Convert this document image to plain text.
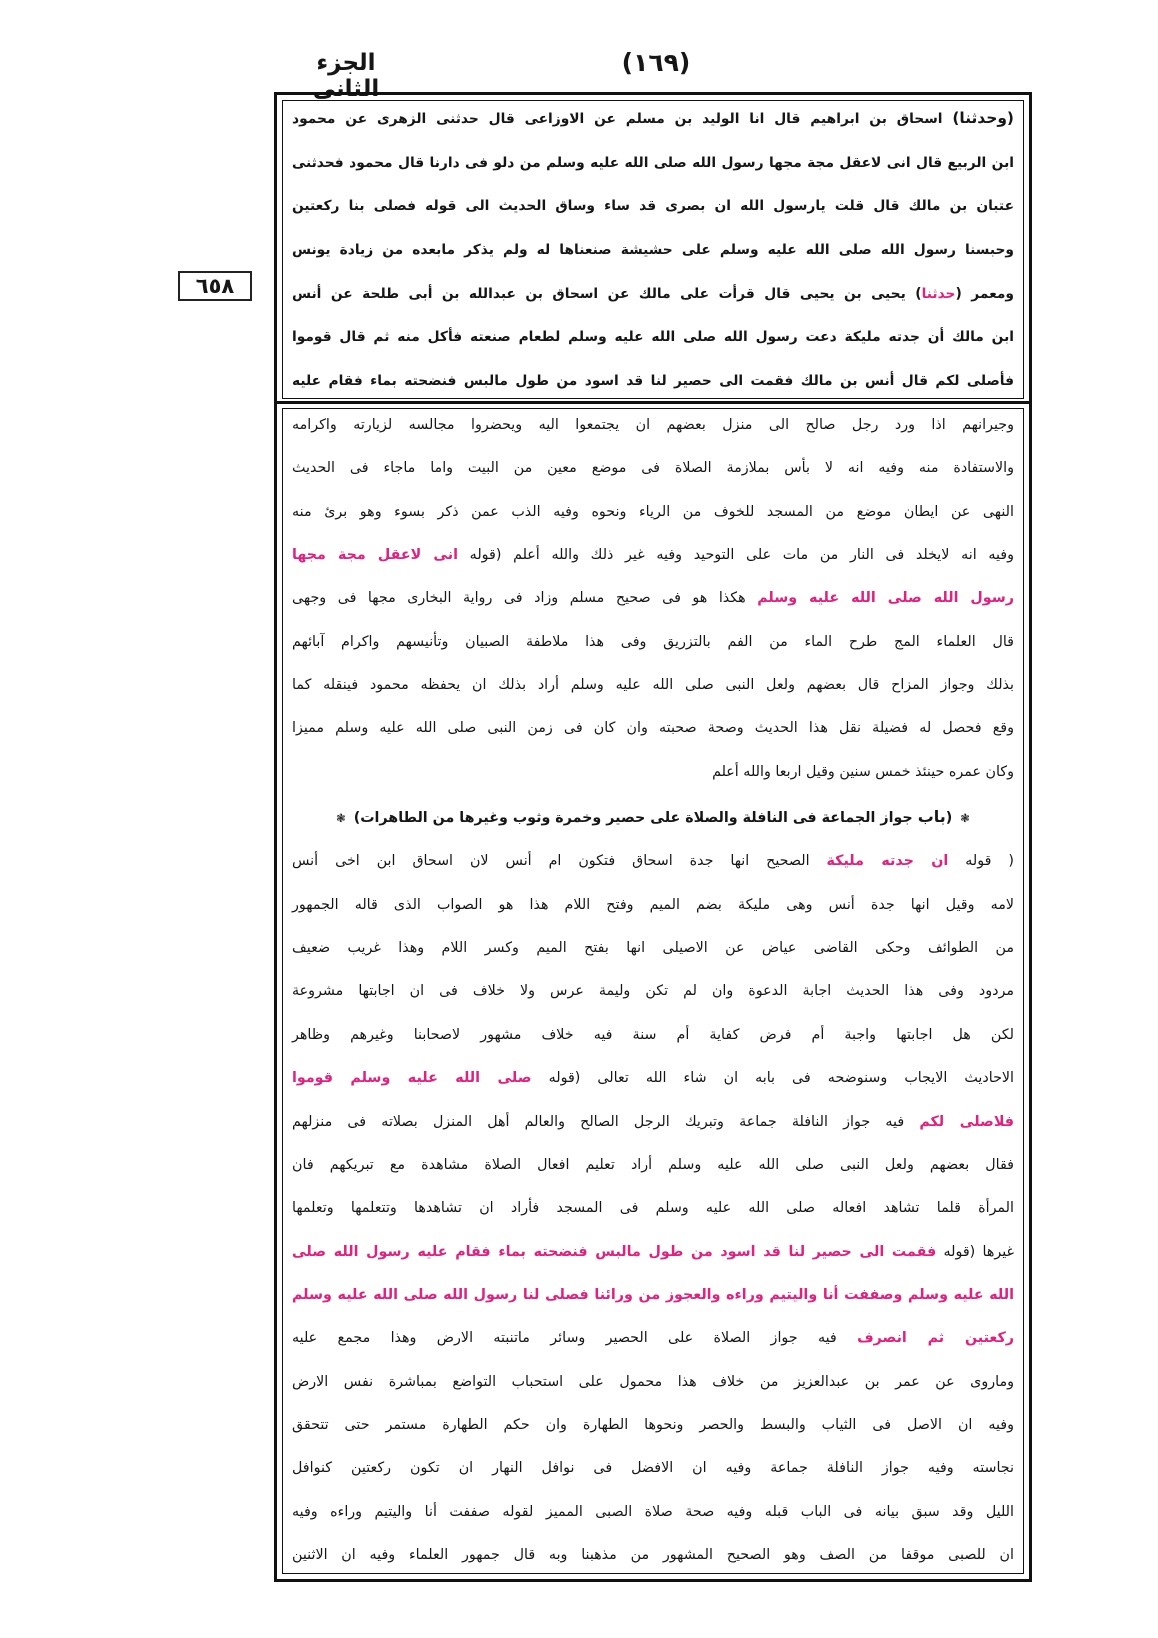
الجزء الثانى
(١٦٩)
٦٥٨
(وحدثنا) اسحاق بن ابراهيم قال انا الوليد بن مسلم عن الاوزاعى قال حدثنى الزهرى عن محمود
ابن الربيع قال انى لاعقل مجة مجها رسول الله صلى الله عليه وسلم من دلو فى دارنا قال محمود فحدثنى
عتبان بن مالك قال قلت يارسول الله ان بصرى قد ساء وساق الحديث الى قوله فصلى بنا ركعتين
وحبسنا رسول الله صلى الله عليه وسلم على حشيشة صنعناها له ولم يذكر مابعده من زيادة يونس
ومعمر (حدثنا) يحيى بن يحيى قال قرأت على مالك عن اسحاق بن عبدالله بن أبى طلحة عن أنس
ابن مالك أن جدته مليكة دعت رسول الله صلى الله عليه وسلم لطعام صنعته فأكل منه ثم قال قوموا
فأصلى لكم قال أنس بن مالك فقمت الى حصير لنا قد اسود من طول مالبس فنضحته بماء فقام عليه
وجيرانهم اذا ورد رجل صالح الى منزل بعضهم ان يجتمعوا اليه ويحضروا مجالسه لزيارته واكرامه
والاستفادة منه وفيه انه لا بأس بملازمة الصلاة فى موضع معين من البيت واما ماجاء فى الحديث
النهى عن ايطان موضع من المسجد للخوف من الرياء ونحوه وفيه الذب عمن ذكر بسوء وهو برئ منه
وفيه انه لايخلد فى النار من مات على التوحيد وفيه غير ذلك والله أعلم (قوله انى لاعقل مجة مجها
رسول الله صلى الله عليه وسلم هكذا هو فى صحيح مسلم وزاد فى رواية البخارى مجها فى وجهى
قال العلماء المج طرح الماء من الفم بالتزريق وفى هذا ملاطفة الصبيان وتأنيسهم واكرام آبائهم
بذلك وجواز المزاح قال بعضهم ولعل النبى صلى الله عليه وسلم أراد بذلك ان يحفظه محمود فينقله كما
وقع فحصل له فضيلة نقل هذا الحديث وصحة صحبته وان كان فى زمن النبى صلى الله عليه وسلم مميزا
وكان عمره حينئذ خمس سنين وقيل اربعا والله أعلم
❃(باب جواز الجماعة فى النافلة والصلاة على حصير وخمرة وثوب وغيرها من الطاهرات)❃
( قوله ان جدته مليكة الصحيح انها جدة اسحاق فتكون ام أنس لان اسحاق ابن اخى أنس
لامه وقيل انها جدة أنس وهى مليكة بضم الميم وفتح اللام هذا هو الصواب الذى قاله الجمهور
من الطوائف وحكى القاضى عياض عن الاصيلى انها بفتح الميم وكسر اللام وهذا غريب ضعيف
مردود وفى هذا الحديث اجابة الدعوة وان لم تكن وليمة عرس ولا خلاف فى ان اجابتها مشروعة
لكن هل اجابتها واجبة أم فرض كفاية أم سنة فيه خلاف مشهور لاصحابنا وغيرهم وظاهر
الاحاديث الايجاب وسنوضحه فى بابه ان شاء الله تعالى (قوله صلى الله عليه وسلم قوموا
فلاصلى لكم فيه جواز النافلة جماعة وتبريك الرجل الصالح والعالم أهل المنزل بصلاته فى منزلهم
فقال بعضهم ولعل النبى صلى الله عليه وسلم أراد تعليم افعال الصلاة مشاهدة مع تبريكهم فان
المرأة قلما تشاهد افعاله صلى الله عليه وسلم فى المسجد فأراد ان تشاهدها وتتعلمها وتعلمها
غيرها (قوله فقمت الى حصير لنا قد اسود من طول مالبس فنضحته بماء فقام عليه رسول الله صلى
الله عليه وسلم وصففت أنا واليتيم وراءه والعجوز من ورائنا فصلى لنا رسول الله صلى الله عليه وسلم
ركعتين ثم انصرف فيه جواز الصلاة على الحصير وسائر ماتنبته الارض وهذا مجمع عليه
وماروى عن عمر بن عبدالعزيز من خلاف هذا محمول على استحباب التواضع بمباشرة نفس الارض
وفيه ان الاصل فى الثياب والبسط والحصر ونحوها الطهارة وان حكم الطهارة مستمر حتى تتحقق
نجاسته وفيه جواز النافلة جماعة وفيه ان الافضل فى نوافل النهار ان تكون ركعتين كنوافل
الليل وقد سبق بيانه فى الباب قبله وفيه صحة صلاة الصبى المميز لقوله صففت أنا واليتيم وراءه وفيه
ان للصبى موقفا من الصف وهو الصحيح المشهور من مذهبنا وبه قال جمهور العلماء وفيه ان الاثنين
